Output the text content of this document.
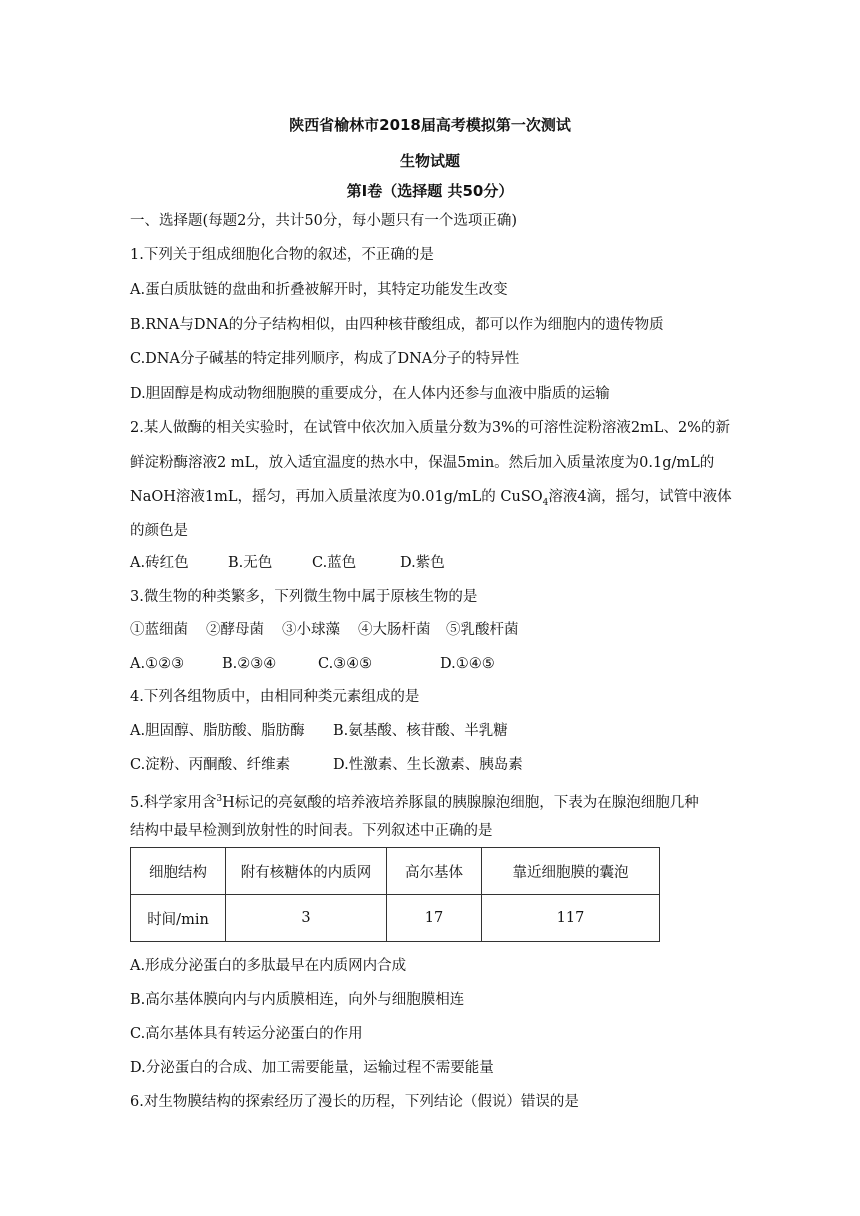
陕西省榆林市2018届高考模拟第一次测试
生物试题
第Ⅰ卷（选择题 共50分）
一、选择题(每题2分，共计50分，每小题只有一个选项正确)
1.下列关于组成细胞化合物的叙述，不正确的是
A.蛋白质肽链的盘曲和折叠被解开时，其特定功能发生改变
B.RNA与DNA的分子结构相似，由四种核苷酸组成，都可以作为细胞内的遗传物质
C.DNA分子碱基的特定排列顺序，构成了DNA分子的特异性
D.胆固醇是构成动物细胞膜的重要成分，在人体内还参与血液中脂质的运输
2.某人做酶的相关实验时，在试管中依次加入质量分数为3%的可溶性淀粉溶液2mL、2%的新
鲜淀粉酶溶液2 mL，放入适宜温度的热水中，保温5min。然后加入质量浓度为0.1g/mL的
NaOH溶液1mL，摇匀，再加入质量浓度为0.01g/mL的 CuSO$_4$溶液4滴，摇匀，试管中液体
的颜色是
A.砖红色	B.无色	C.蓝色	D.紫色
3.微生物的种类繁多，下列微生物中属于原核生物的是
①蓝细菌 ②酵母菌 ③小球藻 ④大肠杆菌 ⑤乳酸杆菌
A.①②③	B.②③④	C.③④⑤	D.①④⑤
4.下列各组物质中，由相同种类元素组成的是
A.胆固醇、脂肪酸、脂肪酶 B.氨基酸、核苷酸、半乳糖
C.淀粉、丙酮酸、纤维素	D.性激素、生长激素、胰岛素
5.科学家用含$^3$H标记的亮氨酸的培养液培养豚鼠的胰腺腺泡细胞，下表为在腺泡细胞几种
结构中最早检测到放射性的时间表。下列叙述中正确的是
细胞结构	附有核糖体的内质网	高尔基体	靠近细胞膜的囊泡
时间/min	3	17	117
A.形成分泌蛋白的多肽最早在内质网内合成
B.高尔基体膜向内与内质膜相连，向外与细胞膜相连
C.高尔基体具有转运分泌蛋白的作用
D.分泌蛋白的合成、加工需要能量，运输过程不需要能量
6.对生物膜结构的探索经历了漫长的历程，下列结论（假说）错误的是
